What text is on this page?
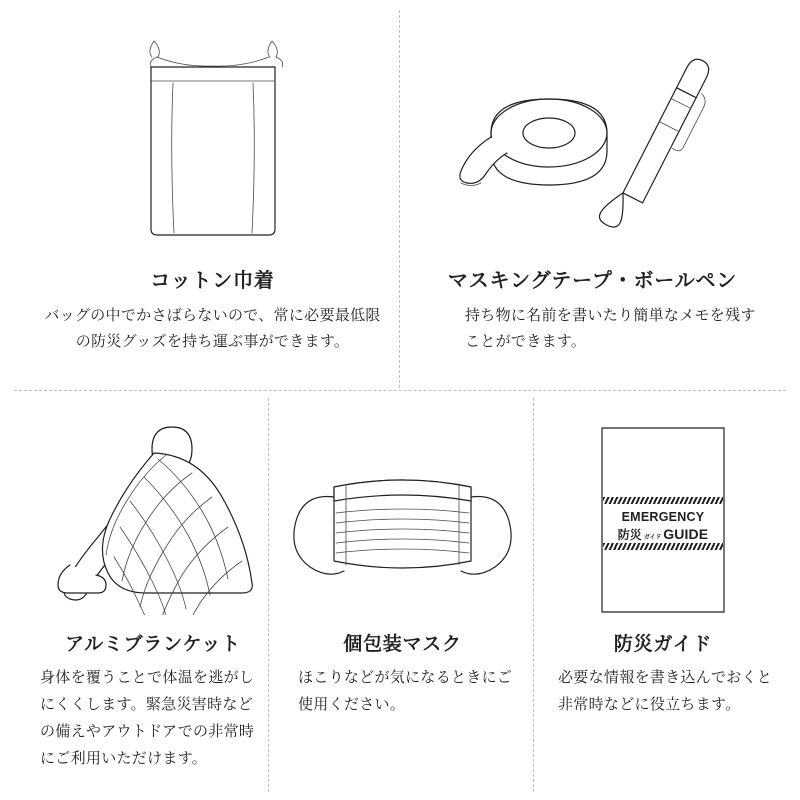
コットン巾着

バッグの中でかさばらないので、常に必要最低限の防災グッズを持ち運ぶ事ができます。

マスキングテープ・ボールペン

持ち物に名前を書いたり簡単なメモを残すことができます。

アルミブランケット

身体を覆うことで体温を逃がしにくくします。緊急災害時などの備えやアウトドアでの非常時にご利用いただけます。

個包装マスク

ほこりなどが気になるときにご使用ください。

EMERGENCY
防災 ガイド GUIDE
防災ガイド

必要な情報を書き込んでおくと非常時などに役立ちます。
